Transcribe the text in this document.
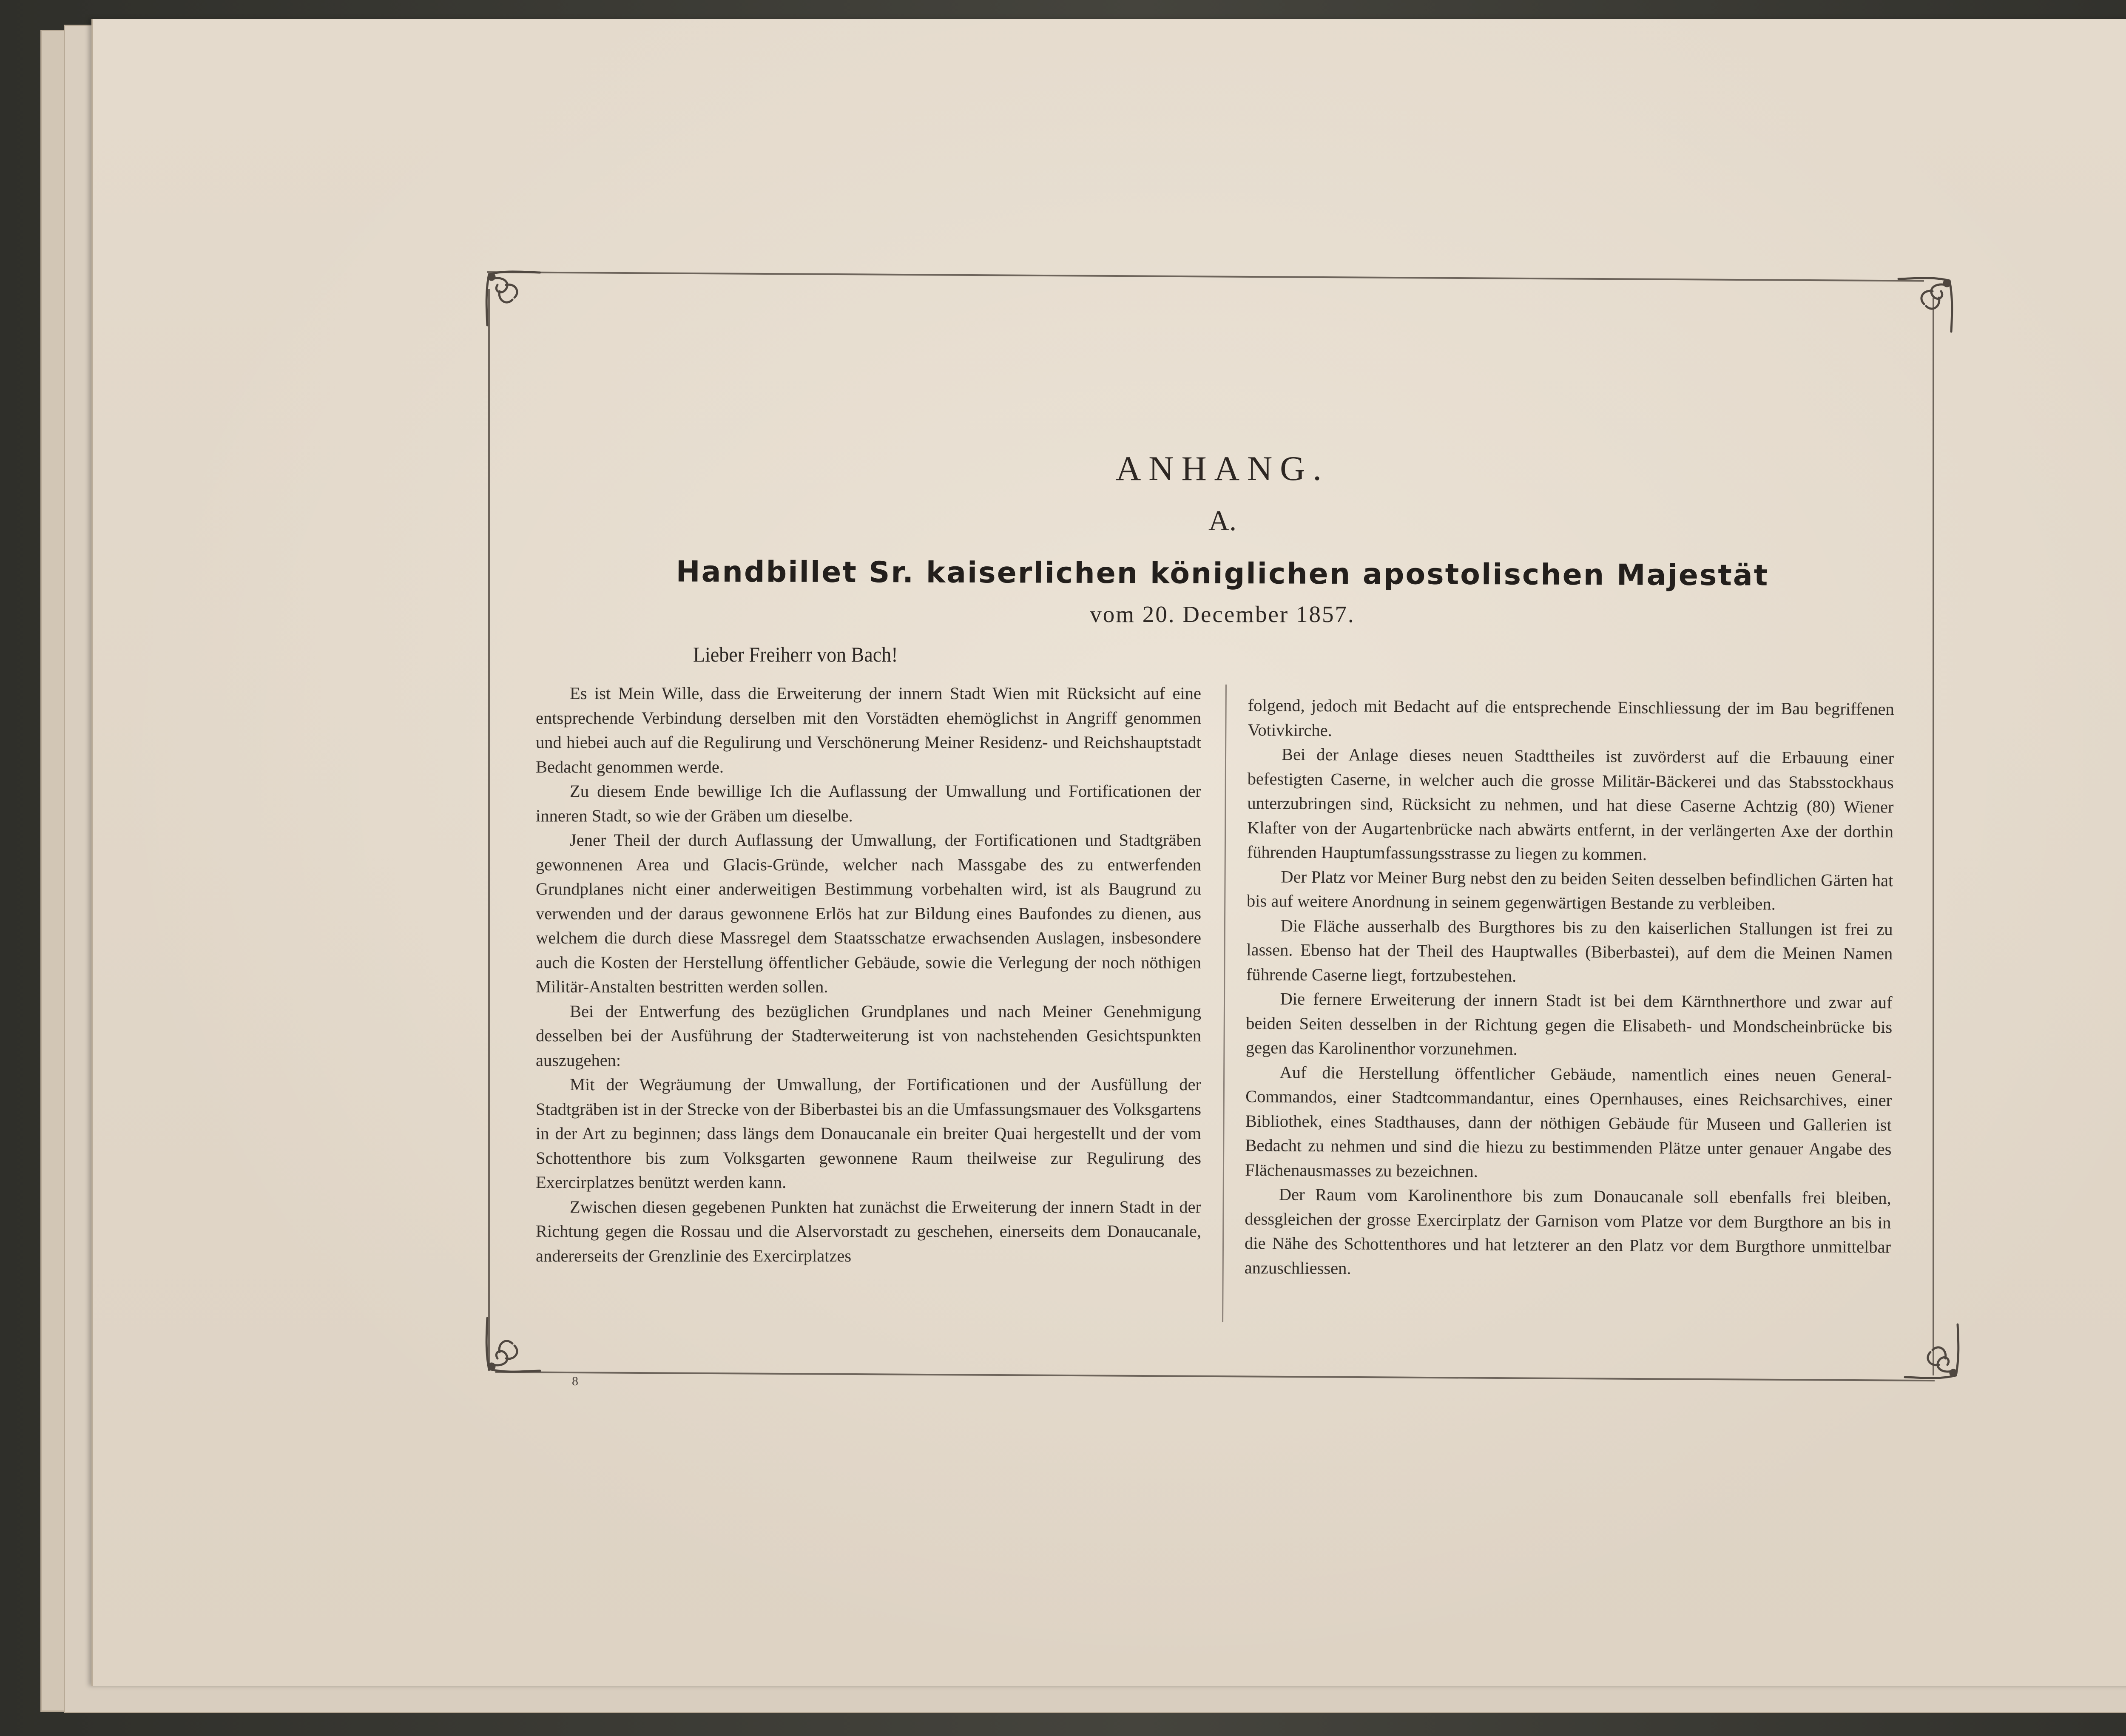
ANHANG.
A.
Handbillet Sr. kaiserlichen königlichen apostolischen Majestät

vom 20. December 1857.

Lieber Freiherr von Bach!

Es ist Mein Wille, dass die Erweiterung der innern Stadt Wien mit Rücksicht auf eine entsprechende Verbindung derselben mit den Vorstädten ehemöglichst in Angriff genommen und hiebei auch auf die Regulirung und Verschönerung Meiner Residenz- und Reichshauptstadt Bedacht genommen werde.

Zu diesem Ende bewillige Ich die Auflassung der Umwallung und Fortificationen der inneren Stadt, so wie der Gräben um dieselbe.

Jener Theil der durch Auflassung der Umwallung, der Fortificationen und Stadtgräben gewonnenen Area und Glacis-Gründe, welcher nach Massgabe des zu entwerfenden Grundplanes nicht einer anderweitigen Bestimmung vorbehalten wird, ist als Baugrund zu verwenden und der daraus gewonnene Erlös hat zur Bildung eines Baufondes zu dienen, aus welchem die durch diese Massregel dem Staatsschatze erwachsenden Auslagen, insbesondere auch die Kosten der Herstellung öffentlicher Gebäude, sowie die Verlegung der noch nöthigen Militär-Anstalten bestritten werden sollen.

Bei der Entwerfung des bezüglichen Grundplanes und nach Meiner Genehmigung desselben bei der Ausführung der Stadterweiterung ist von nachstehenden Gesichtspunkten auszugehen:

Mit der Wegräumung der Umwallung, der Fortificationen und der Ausfüllung der Stadtgräben ist in der Strecke von der Biberbastei bis an die Umfassungsmauer des Volksgartens in der Art zu beginnen; dass längs dem Donaucanale ein breiter Quai hergestellt und der vom Schottenthore bis zum Volksgarten gewonnene Raum theilweise zur Regulirung des Exercirplatzes benützt werden kann.

Zwischen diesen gegebenen Punkten hat zunächst die Erweiterung der innern Stadt in der Richtung gegen die Rossau und die Alservorstadt zu geschehen, einerseits dem Donaucanale, andererseits der Grenzlinie des Exercirplatzes

folgend, jedoch mit Bedacht auf die entsprechende Einschliessung der im Bau begriffenen Votivkirche.

Bei der Anlage dieses neuen Stadttheiles ist zuvörderst auf die Erbauung einer befestigten Caserne, in welcher auch die grosse Militär-Bäckerei und das Stabsstockhaus unterzubringen sind, Rücksicht zu nehmen, und hat diese Caserne Achtzig (80) Wiener Klafter von der Augartenbrücke nach abwärts entfernt, in der verlängerten Axe der dorthin führenden Hauptumfassungsstrasse zu liegen zu kommen.

Der Platz vor Meiner Burg nebst den zu beiden Seiten desselben befindlichen Gärten hat bis auf weitere Anordnung in seinem gegenwärtigen Bestande zu verbleiben.

Die Fläche ausserhalb des Burgthores bis zu den kaiserlichen Stallungen ist frei zu lassen. Ebenso hat der Theil des Hauptwalles (Biberbastei), auf dem die Meinen Namen führende Caserne liegt, fortzubestehen.

Die fernere Erweiterung der innern Stadt ist bei dem Kärnthnerthore und zwar auf beiden Seiten desselben in der Richtung gegen die Elisabeth- und Mondscheinbrücke bis gegen das Karolinenthor vorzunehmen.

Auf die Herstellung öffentlicher Gebäude, namentlich eines neuen General-Commandos, einer Stadtcommandantur, eines Opernhauses, eines Reichsarchives, einer Bibliothek, eines Stadthauses, dann der nöthigen Gebäude für Museen und Gallerien ist Bedacht zu nehmen und sind die hiezu zu bestimmenden Plätze unter genauer Angabe des Flächenausmasses zu bezeichnen.

Der Raum vom Karolinenthore bis zum Donaucanale soll ebenfalls frei bleiben, dessgleichen der grosse Exercirplatz der Garnison vom Platze vor dem Burgthore an bis in die Nähe des Schottenthores und hat letzterer an den Platz vor dem Burgthore unmittelbar anzuschliessen.

8
